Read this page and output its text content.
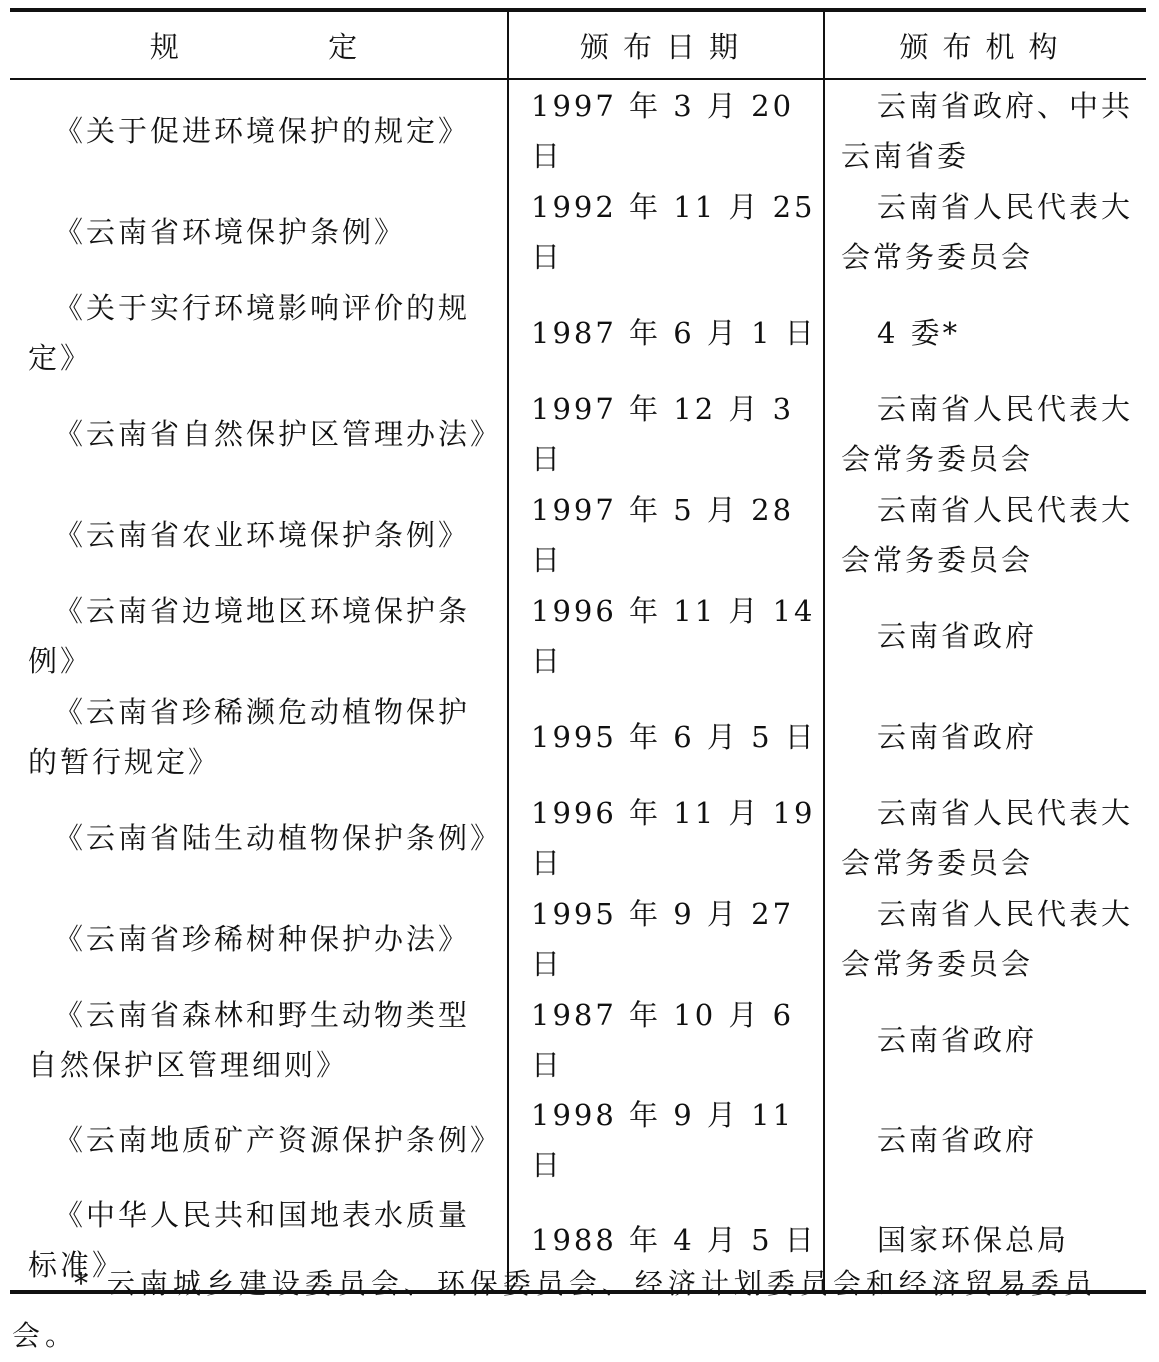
规 定	颁布日期	颁布机构
《关于促进环境保护的规定》	1997 年 3 月 20 日	云南省政府、中共云南省委
《云南省环境保护条例》	1992 年 11 月 25 日	云南省人民代表大会常务委员会
《关于实行环境影响评价的规定》	1987 年 6 月 1 日	4 委*
《云南省自然保护区管理办法》	1997 年 12 月 3 日	云南省人民代表大会常务委员会
《云南省农业环境保护条例》	1997 年 5 月 28 日	云南省人民代表大会常务委员会
《云南省边境地区环境保护条例》	1996 年 11 月 14 日	云南省政府
《云南省珍稀濒危动植物保护的暂行规定》	1995 年 6 月 5 日	云南省政府
《云南省陆生动植物保护条例》	1996 年 11 月 19 日	云南省人民代表大会常务委员会
《云南省珍稀树种保护办法》	1995 年 9 月 27 日	云南省人民代表大会常务委员会
《云南省森林和野生动物类型自然保护区管理细则》	1987 年 10 月 6 日	云南省政府
《云南地质矿产资源保护条例》	1998 年 9 月 11 日	云南省政府
《中华人民共和国地表水质量标准》	1988 年 4 月 5 日	国家环保总局
* 云南城乡建设委员会、环保委员会、经济计划委员会和经济贸易委员会。
